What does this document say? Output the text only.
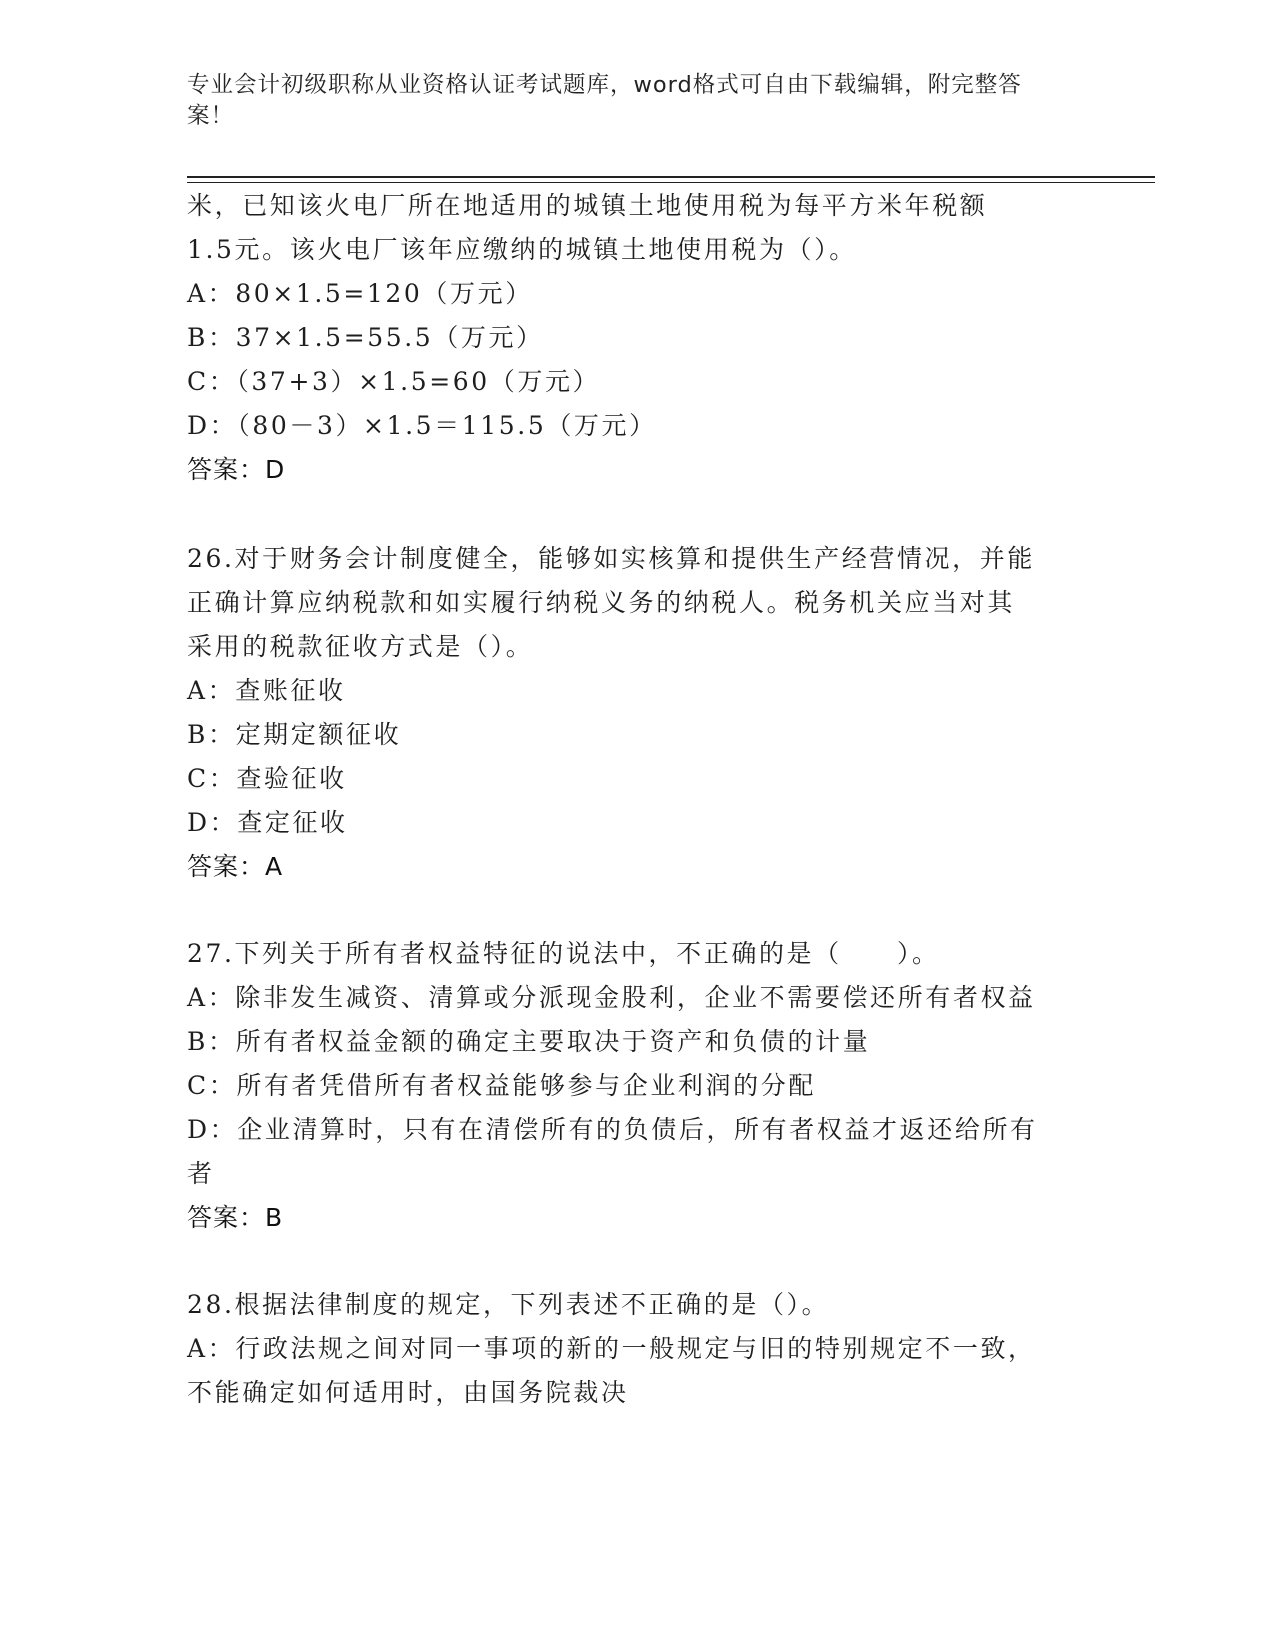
专业会计初级职称从业资格认证考试题库，word格式可自由下载编辑，附完整答
案！
米，已知该火电厂所在地适用的城镇土地使用税为每平方米年税额
1.5元。该火电厂该年应缴纳的城镇土地使用税为（）。
A：80×1.5=120（万元）
B：37×1.5=55.5（万元）
C：（37+3）×1.5=60（万元）
D：（80－3）×1.5＝115.5（万元）
答案：D
26.对于财务会计制度健全，能够如实核算和提供生产经营情况，并能
正确计算应纳税款和如实履行纳税义务的纳税人。税务机关应当对其
采用的税款征收方式是（）。
A：查账征收
B：定期定额征收
C：查验征收
D：查定征收
答案：A
27.下列关于所有者权益特征的说法中，不正确的是（　　）。
A：除非发生减资、清算或分派现金股利，企业不需要偿还所有者权益
B：所有者权益金额的确定主要取决于资产和负债的计量
C：所有者凭借所有者权益能够参与企业利润的分配
D：企业清算时，只有在清偿所有的负债后，所有者权益才返还给所有
者
答案：B
28.根据法律制度的规定，下列表述不正确的是（）。
A：行政法规之间对同一事项的新的一般规定与旧的特别规定不一致，
不能确定如何适用时，由国务院裁决
